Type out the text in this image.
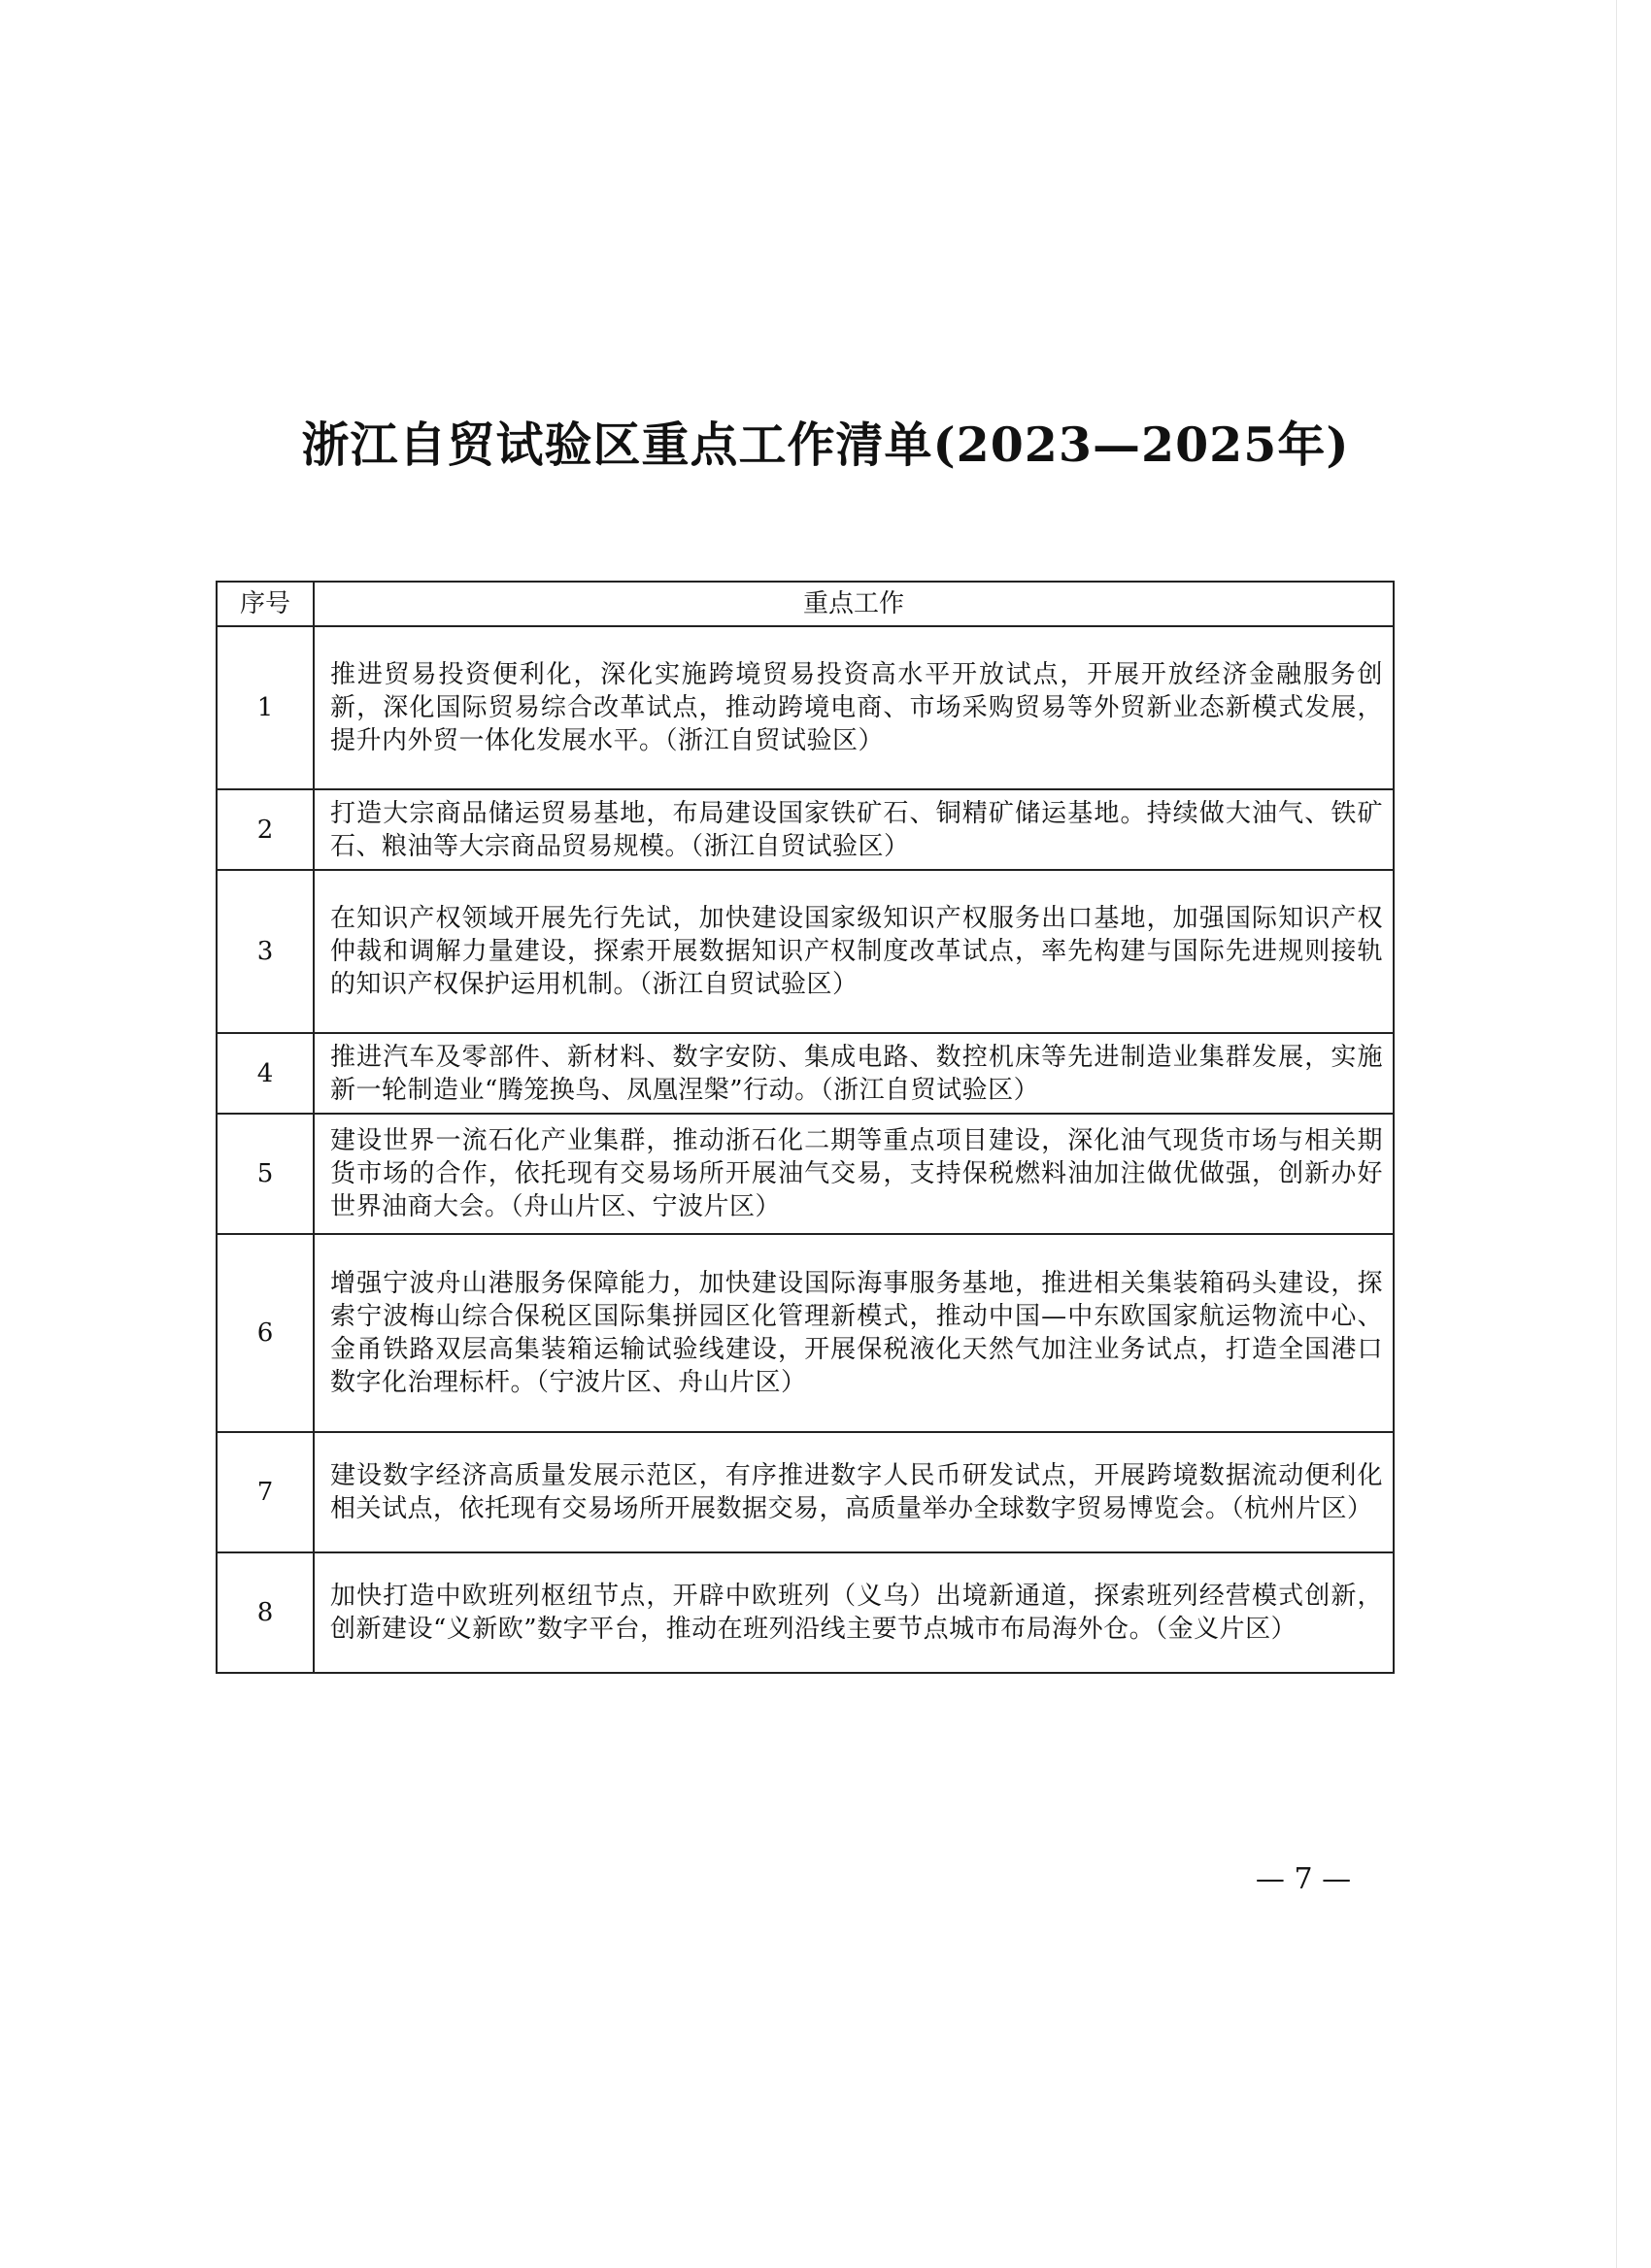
浙江自贸试验区重点工作清单(2023—2025年)
序号	重点工作
1	推进贸易投资便利化，深化实施跨境贸易投资高水平开放试点，开展开放经济金融服务创新，深化国际贸易综合改革试点，推动跨境电商、市场采购贸易等外贸新业态新模式发展，提升内外贸一体化发展水平。（浙江自贸试验区）
2	打造大宗商品储运贸易基地，布局建设国家铁矿石、铜精矿储运基地。持续做大油气、铁矿石、粮油等大宗商品贸易规模。（浙江自贸试验区）
3	在知识产权领域开展先行先试，加快建设国家级知识产权服务出口基地，加强国际知识产权仲裁和调解力量建设，探索开展数据知识产权制度改革试点，率先构建与国际先进规则接轨的知识产权保护运用机制。（浙江自贸试验区）
4	推进汽车及零部件、新材料、数字安防、集成电路、数控机床等先进制造业集群发展，实施新一轮制造业“腾笼换鸟、凤凰涅槃”行动。（浙江自贸试验区）
5	建设世界一流石化产业集群，推动浙石化二期等重点项目建设，深化油气现货市场与相关期货市场的合作，依托现有交易场所开展油气交易，支持保税燃料油加注做优做强，创新办好世界油商大会。（舟山片区、宁波片区）
6	增强宁波舟山港服务保障能力，加快建设国际海事服务基地，推进相关集装箱码头建设，探索宁波梅山综合保税区国际集拼园区化管理新模式，推动中国—中东欧国家航运物流中心、金甬铁路双层高集装箱运输试验线建设，开展保税液化天然气加注业务试点，打造全国港口数字化治理标杆。（宁波片区、舟山片区）
7	建设数字经济高质量发展示范区，有序推进数字人民币研发试点，开展跨境数据流动便利化相关试点，依托现有交易场所开展数据交易，高质量举办全球数字贸易博览会。（杭州片区）
8	加快打造中欧班列枢纽节点，开辟中欧班列（义乌）出境新通道，探索班列经营模式创新，创新建设“义新欧”数字平台，推动在班列沿线主要节点城市布局海外仓。（金义片区）
— 7 —
